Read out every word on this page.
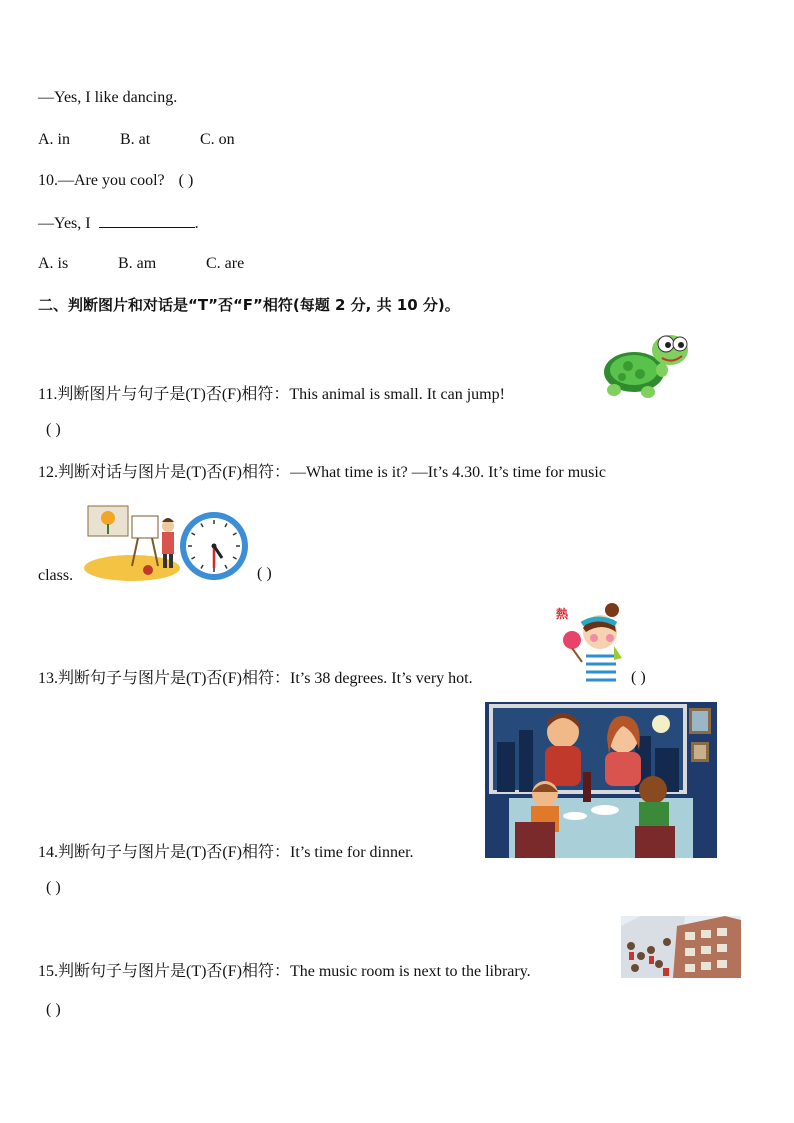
—Yes, I like dancing.
A. in	B. at	C. on
10.—Are you cool? ( )
—Yes, I	.
A. is	B. am	C. are
二、判断图片和对话是“T”否“F”相符(每题 2 分, 共 10 分)。
11.判断图片与句子是(T)否(F)相符：This animal is small. It can jump!
( )
12.判断对话与图片是(T)否(F)相符：—What time is it? —It’s 4.30. It’s time for music
class.	( )
熱
13.判断句子与图片是(T)否(F)相符：It’s 38 degrees. It’s very hot.	( )
14.判断句子与图片是(T)否(F)相符：It’s time for dinner.
( )
15.判断句子与图片是(T)否(F)相符：The music room is next to the library.
( )
